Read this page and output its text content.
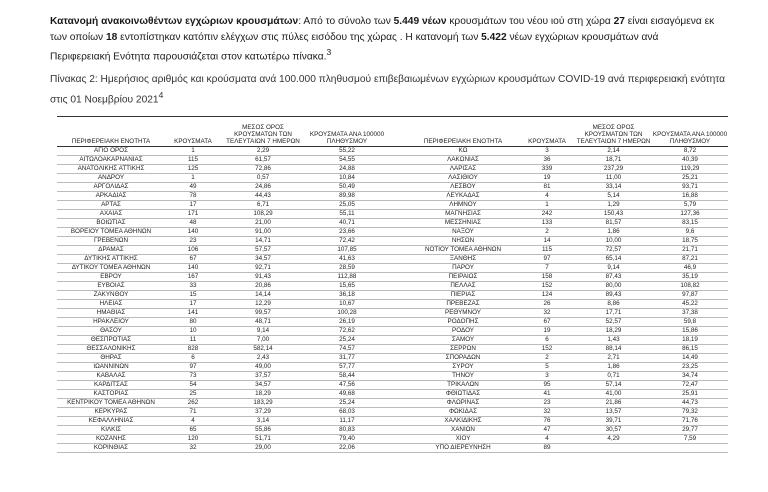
Κατανομή ανακοινωθέντων εγχώριων κρουσμάτων: Από το σύνολο των 5.449 νέων κρουσμάτων του νέου ιού στη χώρα 27 είναι εισαγόμενα εκ των οποίων 18 εντοπίστηκαν κατόπιν ελέγχων στις πύλες εισόδου της χώρας . Η κατανομή των 5.422 νέων εγχώριων κρουσμάτων ανά Περιφερειακή Ενότητα παρουσιάζεται στον κατωτέρω πίνακα.$^3$

Πίνακας 2: Ημερήσιος αριθμός και κρούσματα ανά 100.000 πληθυσμού επιβεβαιωμένων εγχώριων κρουσμάτων COVID-19 ανά περιφερειακή ενότητα στις 01 Νοεμβρίου 2021$^4$

ΠΕΡΙΦΕΡΕΙΑΚΗ ΕΝΟΤΗΤΑ	ΚΡΟΥΣΜΑΤΑ	ΜΕΣΟΣ ΟΡΟΣ ΚΡΟΥΣΜΑΤΩΝ ΤΩΝ ΤΕΛΕΥΤΑΙΩΝ 7 ΗΜΕΡΩΝ	ΚΡΟΥΣΜΑΤΑ ΑΝΑ 100000 ΠΛΗΘΥΣΜΟΥ		ΠΕΡΙΦΕΡΕΙΑΚΗ ΕΝΟΤΗΤΑ	ΚΡΟΥΣΜΑΤΑ	ΜΕΣΟΣ ΟΡΟΣ ΚΡΟΥΣΜΑΤΩΝ ΤΩΝ ΤΕΛΕΥΤΑΙΩΝ 7 ΗΜΕΡΩΝ	ΚΡΟΥΣΜΑΤΑ ΑΝΑ 100000 ΠΛΗΘΥΣΜΟΥ
ΑΓΙΟ ΟΡΟΣ	1	2,29	55,22		ΚΩ	3	2,14	8,72
ΑΙΤΩΛΟΑΚΑΡΝΑΝΙΑΣ	115	61,57	54,55		ΛΑΚΩΝΙΑΣ	36	18,71	40,39
ΑΝΑΤΟΛΙΚΗΣ ΑΤΤΙΚΗΣ	125	72,86	24,88		ΛΑΡΙΣΑΣ	339	237,29	119,29
ΑΝΔΡΟΥ	1	0,57	10,84		ΛΑΣΙΘΙΟΥ	19	11,00	25,21
ΑΡΓΟΛΙΔΑΣ	49	24,86	50,49		ΛΕΣΒΟΥ	81	33,14	93,71
ΑΡΚΑΔΙΑΣ	78	44,43	89,98		ΛΕΥΚΑΔΑΣ	4	5,14	16,88
ΑΡΤΑΣ	17	6,71	25,05		ΛΗΜΝΟΥ	1	1,29	5,79
ΑΧΑΪΑΣ	171	108,29	55,11		ΜΑΓΝΗΣΙΑΣ	242	150,43	127,36
ΒΟΙΩΤΙΑΣ	48	21,00	40,71		ΜΕΣΣΗΝΙΑΣ	133	81,57	83,15
ΒΟΡΕΙΟΥ ΤΟΜΕΑ ΑΘΗΝΩΝ	140	91,00	23,66		ΝΑΞΟΥ	2	1,86	9,6
ΓΡΕΒΕΝΩΝ	23	14,71	72,42		ΝΗΣΩΝ	14	10,00	18,75
ΔΡΑΜΑΣ	106	57,57	107,85		ΝΟΤΙΟΥ ΤΟΜΕΑ ΑΘΗΝΩΝ	115	72,57	21,71
ΔΥΤΙΚΗΣ ΑΤΤΙΚΗΣ	67	34,57	41,63		ΞΑΝΘΗΣ	97	65,14	87,21
ΔΥΤΙΚΟΥ ΤΟΜΕΑ ΑΘΗΝΩΝ	140	92,71	28,59		ΠΑΡΟΥ	7	9,14	46,9
ΕΒΡΟΥ	167	91,43	112,88		ΠΕΙΡΑΙΩΣ	158	87,43	35,19
ΕΥΒΟΙΑΣ	33	20,86	15,65		ΠΕΛΛΑΣ	152	80,00	108,82
ΖΑΚΥΝΘΟΥ	15	14,14	36,18		ΠΙΕΡΙΑΣ	124	89,43	97,87
ΗΛΕΙΑΣ	17	12,29	10,67		ΠΡΕΒΕΖΑΣ	26	8,86	45,22
ΗΜΑΘΙΑΣ	141	99,57	100,28		ΡΕΘΥΜΝΟΥ	32	17,71	37,38
ΗΡΑΚΛΕΙΟΥ	80	48,71	26,19		ΡΟΔΟΠΗΣ	67	52,57	59,8
ΘΑΣΟΥ	10	9,14	72,62		ΡΟΔΟΥ	19	18,29	15,86
ΘΕΣΠΡΩΤΙΑΣ	11	7,00	25,24		ΣΑΜΟΥ	6	1,43	18,19
ΘΕΣΣΑΛΟΝΙΚΗΣ	828	582,14	74,57		ΣΕΡΡΩΝ	152	88,14	86,15
ΘΗΡΑΣ	6	2,43	31,77		ΣΠΟΡΑΔΩΝ	2	2,71	14,49
ΙΩΑΝΝΙΝΩΝ	97	49,00	57,77		ΣΥΡΟΥ	5	1,86	23,25
ΚΑΒΑΛΑΣ	73	37,57	58,44		ΤΗΝΟΥ	3	0,71	34,74
ΚΑΡΔΙΤΣΑΣ	54	34,57	47,56		ΤΡΙΚΑΛΩΝ	95	57,14	72,47
ΚΑΣΤΟΡΙΑΣ	25	18,29	49,68		ΦΘΙΩΤΙΔΑΣ	41	41,00	25,91
ΚΕΝΤΡΙΚΟΥ ΤΟΜΕΑ ΑΘΗΝΩΝ	262	183,29	25,24		ΦΛΩΡΙΝΑΣ	23	21,86	44,73
ΚΕΡΚΥΡΑΣ	71	37,29	68,03		ΦΩΚΙΔΑΣ	32	13,57	79,32
ΚΕΦΑΛΛΗΝΙΑΣ	4	3,14	11,17		ΧΑΛΚΙΔΙΚΗΣ	76	39,71	71,76
ΚΙΛΚΙΣ	65	55,86	80,83		ΧΑΝΙΩΝ	47	30,57	29,77
ΚΟΖΑΝΗΣ	120	51,71	79,40		ΧΙΟΥ	4	4,29	7,59
ΚΟΡΙΝΘΙΑΣ	32	29,00	22,06		ΥΠΟ ΔΙΕΡΕΥΝΗΣΗ	89		
